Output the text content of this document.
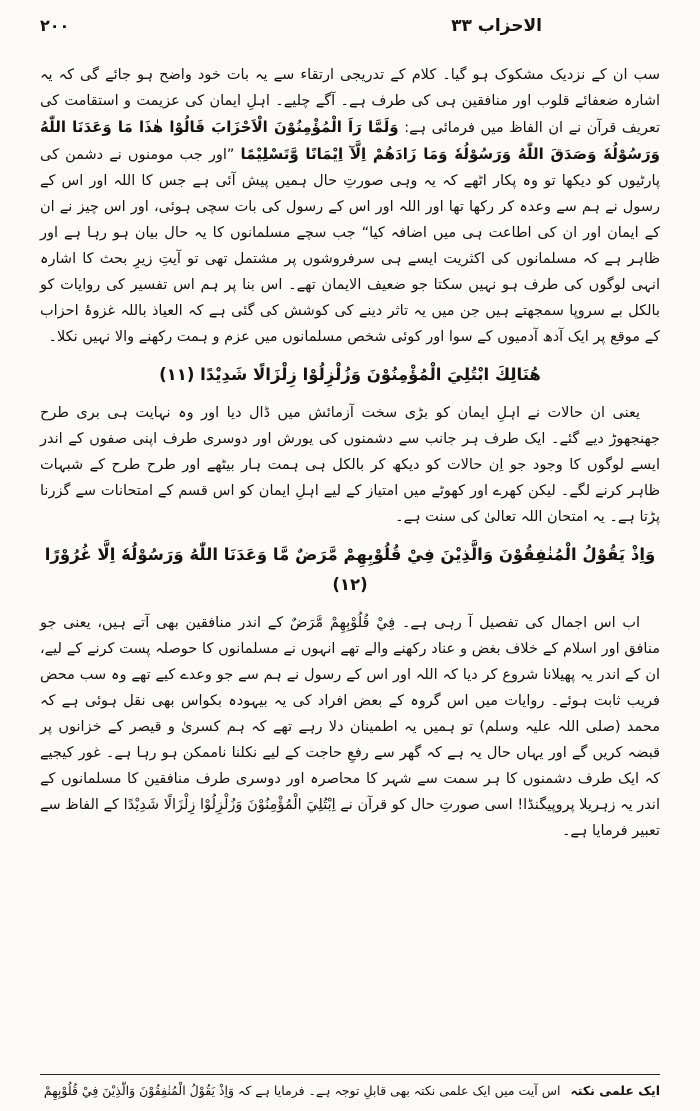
الاحزاب ۳۳
۲۰۰

سب ان کے نزدیک مشکوک ہو گیا۔ کلام کے تدریجی ارتقاء سے یہ بات خود واضح ہو جائے گی کہ یہ اشارہ ضعفائے قلوب اور منافقین ہی کی طرف ہے۔ آگے چلیے۔ اہلِ ایمان کی عزیمت و استقامت کی تعریف قرآن نے ان الفاظ میں فرمائی ہے: وَلَمَّا رَاَ الْمُؤْمِنُوْنَ الْاَحْزَابَ قَالُوْا هٰذَا مَا وَعَدَنَا اللّٰهُ وَرَسُوْلُهٗ وَصَدَقَ اللّٰهُ وَرَسُوْلُهٗ وَمَا زَادَهُمْ اِلَّآ اِيْمَانًا وَّتَسْلِيْمًا ”اور جب مومنوں نے دشمن کی پارٹیوں کو دیکھا تو وہ پکار اٹھے کہ یہ وہی صورتِ حال ہمیں پیش آئی ہے جس کا اللہ اور اس کے رسول نے ہم سے وعدہ کر رکھا تھا اور اللہ اور اس کے رسول کی بات سچی ہوئی، اور اس چیز نے ان کے ایمان اور ان کی اطاعت ہی میں اضافہ کیا“ جب سچے مسلمانوں کا یہ حال بیان ہو رہا ہے اور ظاہر ہے کہ مسلمانوں کی اکثریت ایسے ہی سرفروشوں پر مشتمل تھی تو آیتِ زیرِ بحث کا اشارہ انہی لوگوں کی طرف ہو نہیں سکتا جو ضعیف الایمان تھے۔ اس بنا پر ہم اس تفسیر کی روایات کو بالکل بے سروپا سمجھتے ہیں جن میں یہ تاثر دینے کی کوشش کی گئی ہے کہ العیاذ باللہ غزوۂ احزاب کے موقع پر ایک آدھ آدمیوں کے سوا اور کوئی شخص مسلمانوں میں عزم و ہمت رکھنے والا نہیں نکلا۔

هُنَالِكَ ابْتُلِيَ الْمُؤْمِنُوْنَ وَزُلْزِلُوْا زِلْزَالًا شَدِيْدًا (۱۱)

یعنی ان حالات نے اہلِ ایمان کو بڑی سخت آزمائش میں ڈال دیا اور وہ نہایت ہی بری طرح جھنجھوڑ دیے گئے۔ ایک طرف ہر جانب سے دشمنوں کی یورش اور دوسری طرف اپنی صفوں کے اندر ایسے لوگوں کا وجود جو اِن حالات کو دیکھ کر بالکل ہی ہمت ہار بیٹھے اور طرح طرح کے شبہات ظاہر کرنے لگے۔ لیکن کھرے اور کھوٹے میں امتیاز کے لیے اہلِ ایمان کو اس قسم کے امتحانات سے گزرنا پڑتا ہے۔ یہ امتحان اللہ تعالیٰ کی سنت ہے۔

وَاِذْ يَقُوْلُ الْمُنٰفِقُوْنَ وَالَّذِيْنَ فِيْ قُلُوْبِهِمْ مَّرَضٌ مَّا وَعَدَنَا اللّٰهُ وَرَسُوْلُهٗ اِلَّا غُرُوْرًا (۱۲)

اب اس اجمال کی تفصیل آ رہی ہے۔ فِيْ قُلُوْبِهِمْ مَّرَضٌ کے اندر منافقین بھی آتے ہیں، یعنی جو منافق اور اسلام کے خلاف بغض و عناد رکھنے والے تھے انہوں نے مسلمانوں کا حوصلہ پست کرنے کے لیے، ان کے اندر یہ پھیلانا شروع کر دیا کہ اللہ اور اس کے رسول نے ہم سے جو وعدے کیے تھے وہ سب محض فریب ثابت ہوئے۔ روایات میں اس گروہ کے بعض افراد کی یہ بیہودہ بکواس بھی نقل ہوئی ہے کہ محمد (صلی اللہ علیہ وسلم) تو ہمیں یہ اطمینان دلا رہے تھے کہ ہم کسریٰ و قیصر کے خزانوں پر قبضہ کریں گے اور یہاں حال یہ ہے کہ گھر سے رفعِ حاجت کے لیے نکلنا ناممکن ہو رہا ہے۔ غور کیجیے کہ ایک طرف دشمنوں کا ہر سمت سے شہر کا محاصرہ اور دوسری طرف منافقین کا مسلمانوں کے اندر یہ زہریلا پروپیگنڈا! اسی صورتِ حال کو قرآن نے اِبْتُلِيَ الْمُؤْمِنُوْنَ وَزُلْزِلُوْا زِلْزَالًا شَدِيْدًا کے الفاظ سے تعبیر فرمایا ہے۔

ایک علمی نکتہ
اس آیت میں ایک علمی نکتہ بھی قابلِ توجہ ہے۔ فرمایا ہے کہ وَاِذْ يَقُوْلُ الْمُنٰفِقُوْنَ وَالَّذِيْنَ فِيْ قُلُوْبِهِمْ
